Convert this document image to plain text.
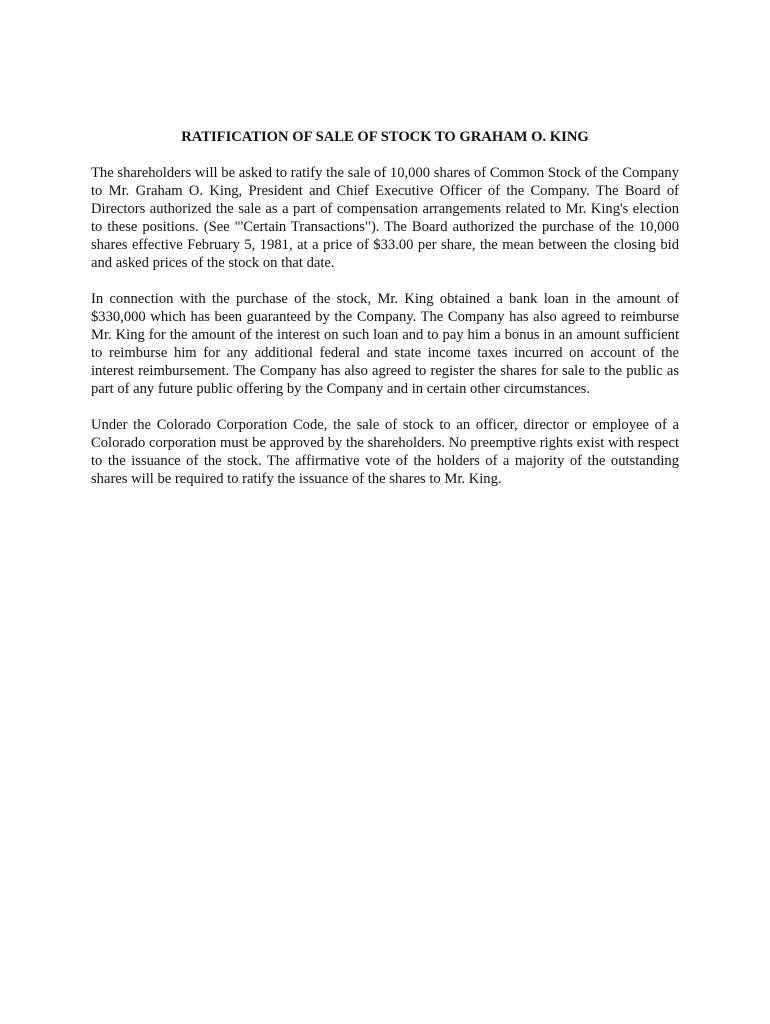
RATIFICATION OF SALE OF STOCK TO GRAHAM O. KING

The shareholders will be asked to ratify the sale of 10,000 shares of Common Stock of the Company to Mr. Graham O. King, President and Chief Executive Officer of the Company. The Board of Directors authorized the sale as a part of compensation arrangements related to Mr. King's election to these positions. (See "'Certain Transactions"). The Board authorized the purchase of the 10,000 shares effective February 5, 1981, at a price of $33.00 per share, the mean between the closing bid and asked prices of the stock on that date.

In connection with the purchase of the stock, Mr. King obtained a bank loan in the amount of $330,000 which has been guaranteed by the Company. The Company has also agreed to reimburse Mr. King for the amount of the interest on such loan and to pay him a bonus in an amount sufficient to reimburse him for any additional federal and state income taxes incurred on account of the interest reimbursement. The Company has also agreed to register the shares for sale to the public as part of any future public offering by the Company and in certain other circumstances.

Under the Colorado Corporation Code, the sale of stock to an officer, director or employee of a Colorado corporation must be approved by the shareholders. No preemptive rights exist with respect to the issuance of the stock. The affirmative vote of the holders of a majority of the outstanding shares will be required to ratify the issuance of the shares to Mr. King.
